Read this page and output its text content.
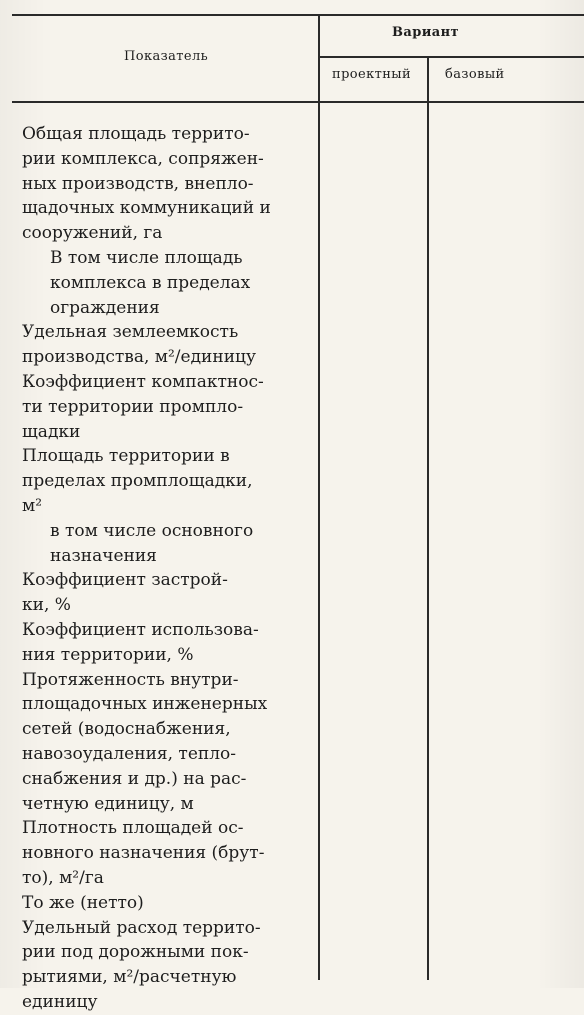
Показатель
Вариант
проектный	базовый
Общая площадь террито-
рии комплекса, сопряжен-
ных производств, внепло-
щадочных коммуникаций и
сооружений, га
В том числе площадь
комплекса в пределах
ограждения
Удельная землеемкость
производства, м²/единицу
Коэффициент компактнос-
ти территории промпло-
щадки
Площадь территории в
пределах промплощадки,
м²
в том числе основного
назначения
Коэффициент застрой-
ки, %
Коэффициент использова-
ния территории, %
Протяженность внутри-
площадочных инженерных
сетей (водоснабжения,
навозоудаления, тепло-
снабжения и др.) на рас-
четную единицу, м
Плотность площадей ос-
новного назначения (брут-
то), м²/га
То же (нетто)
Удельный расход террито-
рии под дорожными пок-
рытиями, м²/расчетную
единицу
